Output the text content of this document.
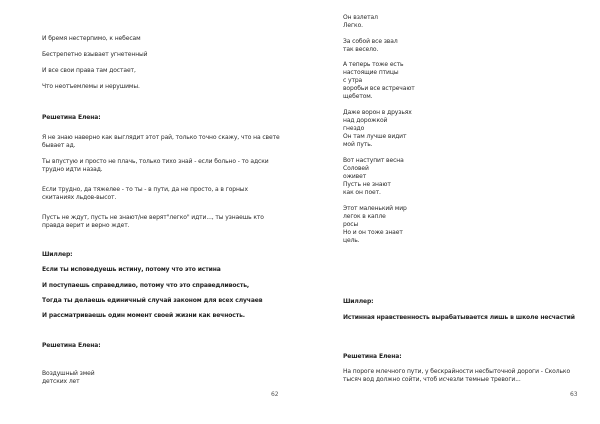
И бремя нестерпимо, к небесам
Бестрепетно взывает угнетенный
И все свои права там достает,
Что неотъемлемы и нерушимы.
Решетина Елена:
Я не знаю наверно как выглядит этот рай, только точно скажу, что на свете бывает ад.
Ты впустую и просто не плачь, только тихо знай - если больно - то адски трудно идти назад.
Если трудно, да тяжелее - то ты - в пути, да не просто, а в горных скитаниях льдов-высот.
Пусть не ждут, пусть не знают/не верят"легко" идти..., ты узнаешь кто правда верит и верно ждет.
Шиллер:
Если ты исповедуешь истину, потому что это истина
И поступаешь справедливо, потому что это справедливость,
Тогда ты делаешь единичный случай законом для всех случаев
И рассматриваешь один момент своей жизни как вечность.
Решетина Елена:
Воздушный змей
детских лет
62
Он взлетал
Легко.
За собой все звал
так весело.
А теперь тоже есть
настоящие птицы
с утра
воробьи все встречают
щебетом.
Даже ворон в друзьях
над дорожкой
гнездо
Он там лучше видит
мой путь.
Вот наступит весна
Соловей
оживет
Пусть не знают
как он поет.
Этот маленький мир
легок в капле
росы
Но и он тоже знает
цель.
Шиллер:
Истинная нравственность вырабатывается лишь в школе несчастий
Решетина Елена:
На пороге млечного пути, у бескрайности несбыточной дороги - Сколько тысяч вод должно сойти, чтоб исчезли темные тревоги...
63
